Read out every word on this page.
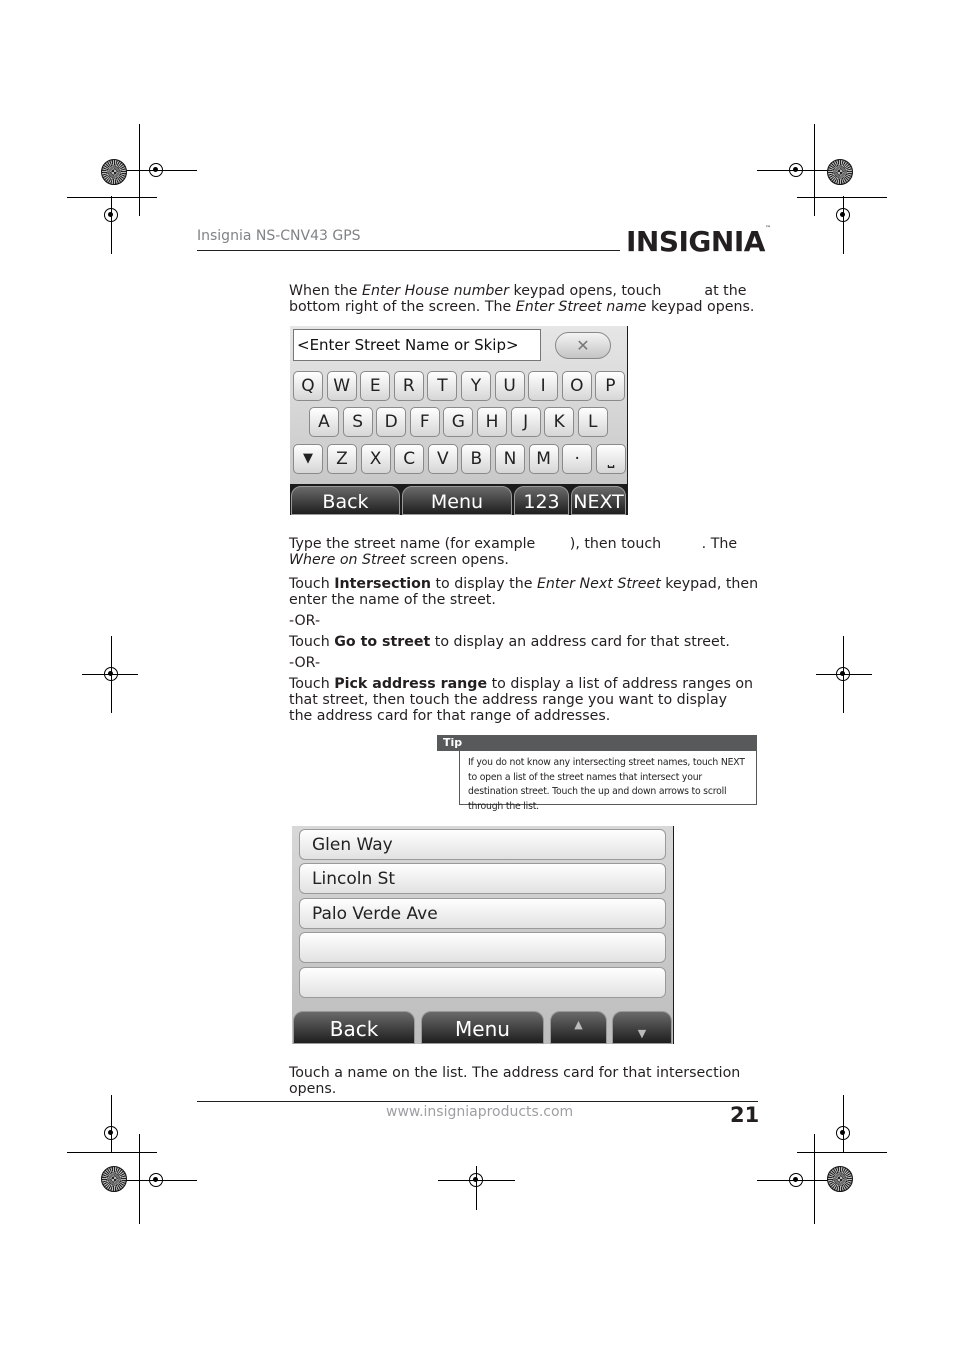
Insignia NS-CNV43 GPS	INSIGNIA™
When the Enter House number keypad opens, touch  at the bottom right of the screen. The Enter Street name keypad opens.
<Enter Street Name or Skip>	✕
Q	W	E	R	T	Y	U	I	O	P
A	S	D	F	G	H	J	K	L
Z	X	C	V	B	N	M	·
▼	⎵
Back	Menu	123 NEXT
Type the street name (for example ), then touch	. The Where on Street screen opens.
Touch Intersection to display the Enter Next Street keypad, then enter the name of the street.
-OR-
Touch Go to street to display an address card for that street.
-OR-
Touch Pick address range to display a list of address ranges on that street, then touch the address range you want to display the address card for that range of addresses.
Tip
If you do not know any intersecting street names, touch NEXT to open a list of the street names that intersect your destination street. Touch the up and down arrows to scroll through the list.
Glen Way
Lincoln St
Palo Verde Ave
Back	Menu	▲
▼
Touch a name on the list. The address card for that intersection opens.
www.insigniaproducts.com	21
